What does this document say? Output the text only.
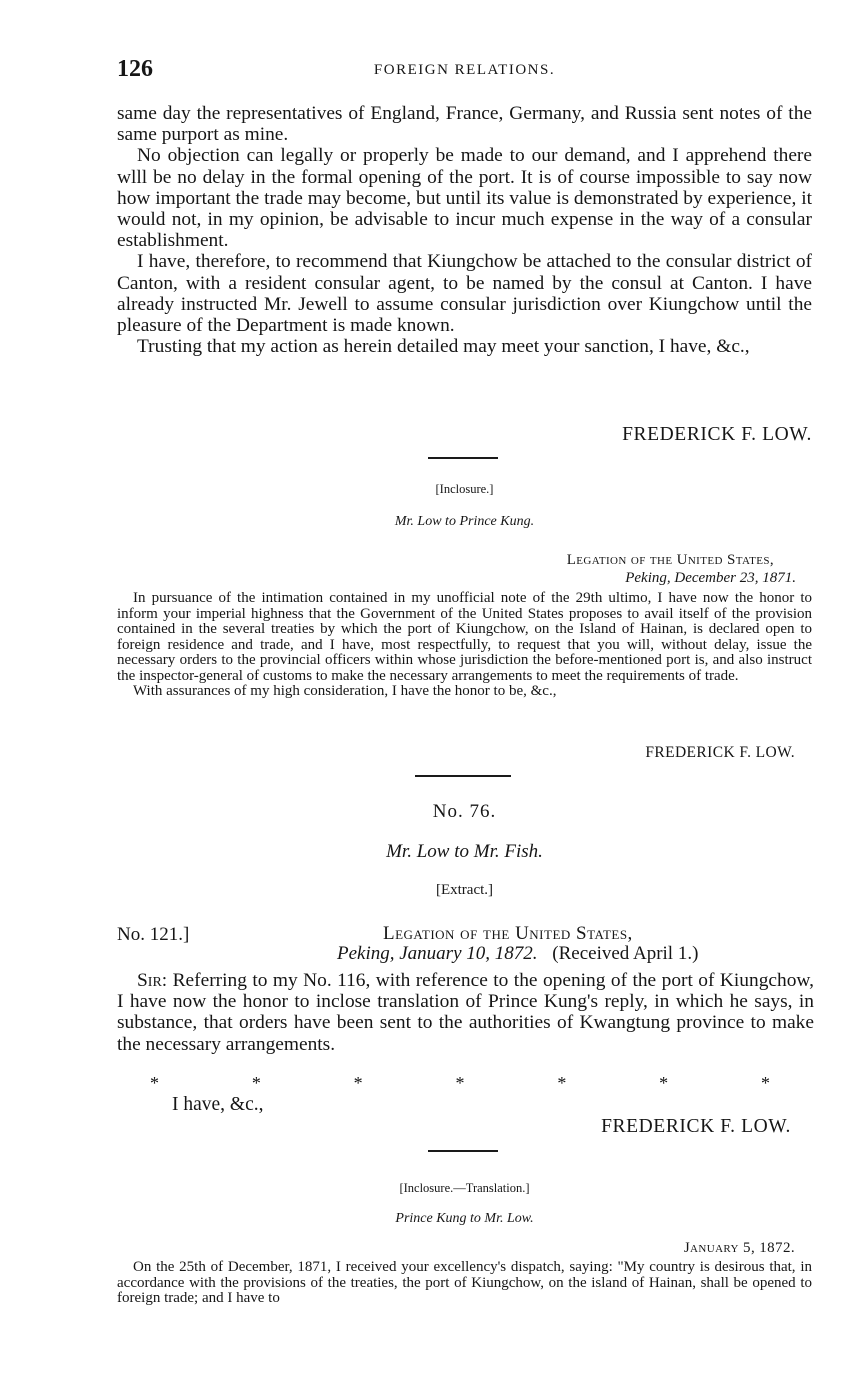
126	FOREIGN RELATIONS.

same day the representatives of England, France, Germany, and Russia sent notes of the same purport as mine.

No objection can legally or properly be made to our demand, and I apprehend there wlll be no delay in the formal opening of the port. It is of course impossible to say now how important the trade may become, but until its value is demonstrated by experience, it would not, in my opinion, be advisable to incur much expense in the way of a consular establishment.

I have, therefore, to recommend that Kiungchow be attached to the consular district of Canton, with a resident consular agent, to be named by the consul at Canton. I have already instructed Mr. Jewell to assume consular jurisdiction over Kiungchow until the pleasure of the Department is made known.

Trusting that my action as herein detailed may meet your sanction, I have, &c.,

FREDERICK F. LOW.
[Inclosure.]
Mr. Low to Prince Kung.
Legation of the United States,
Peking, December 23, 1871.

In pursuance of the intimation contained in my unofficial note of the 29th ultimo, I have now the honor to inform your imperial highness that the Government of the United States proposes to avail itself of the provision contained in the several treaties by which the port of Kiungchow, on the Island of Hainan, is declared open to foreign residence and trade, and I have, most respectfully, to request that you will, without delay, issue the necessary orders to the provincial officers within whose jurisdiction the before-mentioned port is, and also instruct the inspector-general of customs to make the necessary arrangements to meet the requirements of trade.

With assurances of my high consideration, I have the honor to be, &c.,

FREDERICK F. LOW.
No. 76.
Mr. Low to Mr. Fish.
[Extract.]
No. 121.]	Legation of the United States,
Peking, January 10, 1872. (Received April 1.)

Sir: Referring to my No. 116, with reference to the opening of the port of Kiungchow, I have now the honor to inclose translation of Prince Kung's reply, in which he says, in substance, that orders have been sent to the authorities of Kwangtung province to make the necessary arrangements.

*	*	*	*	*	*	*
I have, &c.,
FREDERICK F. LOW.
[Inclosure.—Translation.]
Prince Kung to Mr. Low.
January 5, 1872.

On the 25th of December, 1871, I received your excellency's dispatch, saying: "My country is desirous that, in accordance with the provisions of the treaties, the port of Kiungchow, on the island of Hainan, shall be opened to foreign trade; and I have to
